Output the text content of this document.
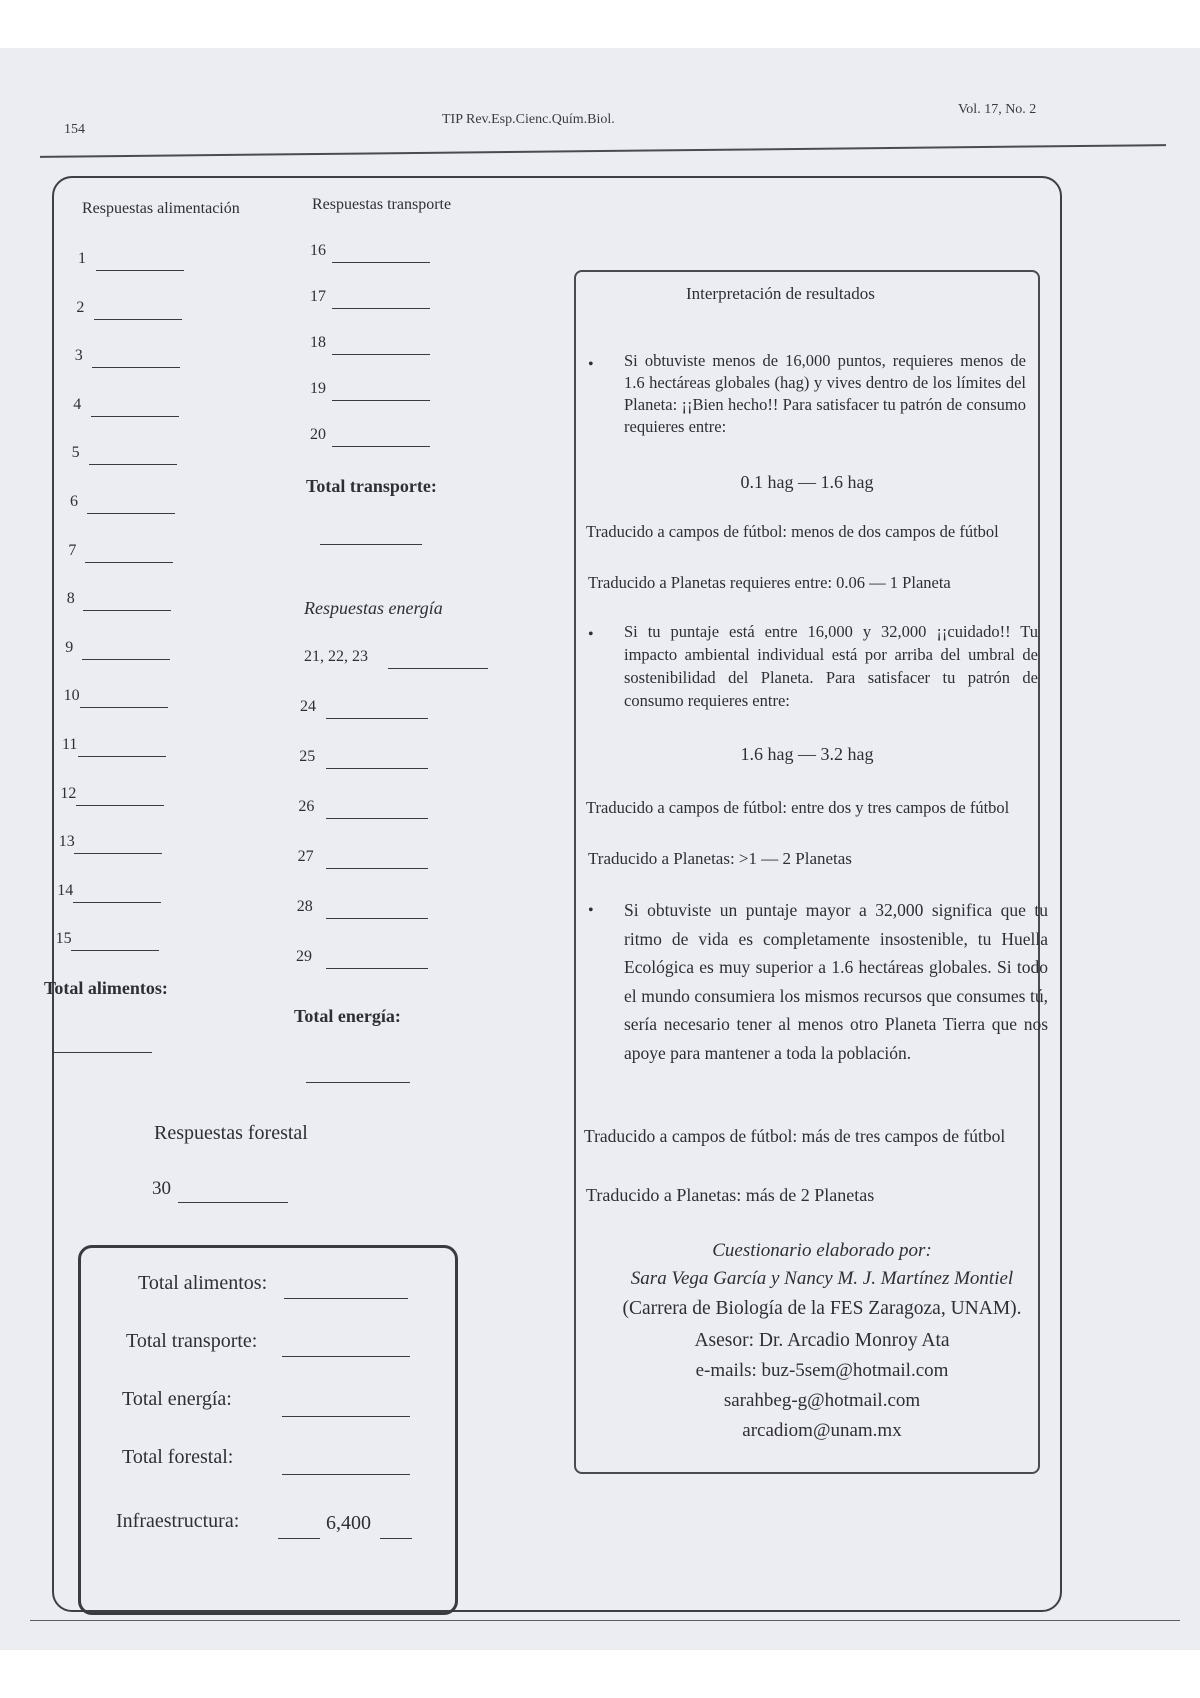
154
TIP Rev.Esp.Cienc.Quím.Biol.
Vol. 17, No. 2
Respuestas alimentación
1
2
3
4
5
6
7
8
9
10
11
12
13
14
15
Total alimentos:
Respuestas transporte
16
17
18
19
20
Total transporte:
Respuestas energía
21, 22, 23
24
25
26
27
28
29
Total energía:
Respuestas forestal
30
Total alimentos:
Total transporte:
Total energía:
Total forestal:
Infraestructura:	6,400
Interpretación de resultados
• Si obtuviste menos de 16,000 puntos, requieres menos de 1.6 hectáreas globales (hag) y vives dentro de los límites del Planeta: ¡¡Bien hecho!! Para satisfacer tu patrón de consumo requieres entre:
0.1 hag — 1.6 hag
Traducido a campos de fútbol: menos de dos campos de fútbol
Traducido a Planetas requieres entre: 0.06 — 1 Planeta
• Si tu puntaje está entre 16,000 y 32,000 ¡¡cuidado!! Tu impacto ambiental individual está por arriba del umbral de sostenibilidad del Planeta. Para satisfacer tu patrón de consumo requieres entre:
1.6 hag — 3.2 hag
Traducido a campos de fútbol: entre dos y tres campos de fútbol
Traducido a Planetas: >1 — 2 Planetas
• Si obtuviste un puntaje mayor a 32,000 significa que tu ritmo de vida es completamente insostenible, tu Huella Ecológica es muy superior a 1.6 hectáreas globales. Si todo el mundo consumiera los mismos recursos que consumes tú, sería necesario tener al menos otro Planeta Tierra que nos apoye para mantener a toda la población.
Traducido a campos de fútbol: más de tres campos de fútbol
Traducido a Planetas: más de 2 Planetas
Cuestionario elaborado por:
Sara Vega García y Nancy M. J. Martínez Montiel
(Carrera de Biología de la FES Zaragoza, UNAM).
Asesor: Dr. Arcadio Monroy Ata
e-mails: buz-5sem@hotmail.com
sarahbeg-g@hotmail.com
arcadiom@unam.mx
